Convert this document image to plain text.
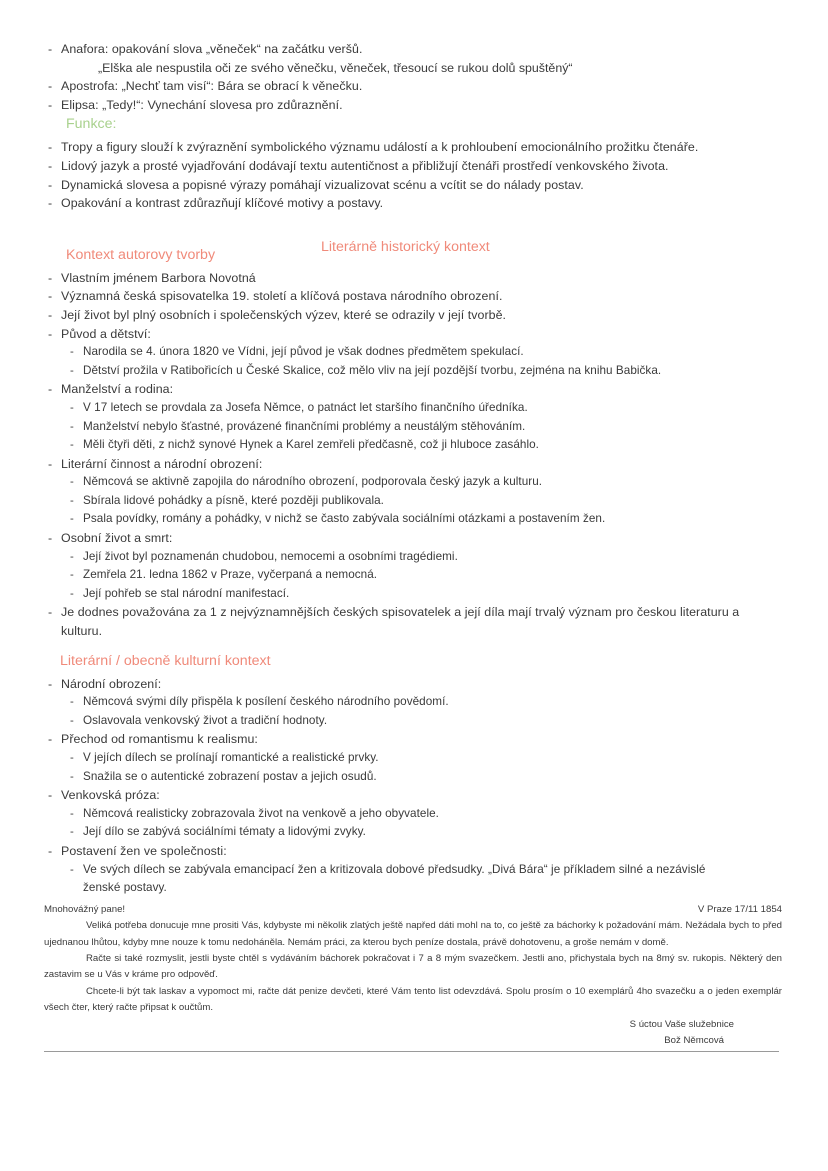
- Anafora: opakování slova „věneček“ na začátku veršů.
„Elška ale nespustila oči ze svého věnečku, věneček, třesoucí se rukou dolů spuštěný“
- Apostrofa: „Nechť tam visí“: Bára se obrací k věnečku.
- Elipsa: „Tedy!“: Vynechání slovesa pro zdůraznění.
Funkce:
- Tropy a figury slouží k zvýraznění symbolického významu událostí a k prohloubení emocionálního prožitku čtenáře.
- Lidový jazyk a prosté vyjadřování dodávají textu autentičnost a přibližují čtenáři prostředí venkovského života.
- Dynamická slovesa a popisné výrazy pomáhají vizualizovat scénu a vcítit se do nálady postav.
- Opakování a kontrast zdůrazňují klíčové motivy a postavy.
Kontext autorovy tvorby	Literárně historický kontext
- Vlastním jménem Barbora Novotná
- Významná česká spisovatelka 19. století a klíčová postava národního obrození.
- Její život byl plný osobních i společenských výzev, které se odrazily v její tvorbě.
- Původ a dětství:
- Narodila se 4. února 1820 ve Vídni, její původ je však dodnes předmětem spekulací.
- Dětství prožila v Ratibořicích u České Skalice, což mělo vliv na její pozdější tvorbu, zejména na knihu Babička.
- Manželství a rodina:
- V 17 letech se provdala za Josefa Němce, o patnáct let staršího finančního úředníka.
- Manželství nebylo šťastné, provázené finančními problémy a neustálým stěhováním.
- Měli čtyři děti, z nichž synové Hynek a Karel zemřeli předčasně, což ji hluboce zasáhlo.
- Literární činnost a národní obrození:
- Němcová se aktivně zapojila do národního obrození, podporovala český jazyk a kulturu.
- Sbírala lidové pohádky a písně, které později publikovala.
- Psala povídky, romány a pohádky, v nichž se často zabývala sociálními otázkami a postavením žen.
- Osobní život a smrt:
- Její život byl poznamenán chudobou, nemocemi a osobními tragédiemi.
- Zemřela 21. ledna 1862 v Praze, vyčerpaná a nemocná.
- Její pohřeb se stal národní manifestací.
- Je dodnes považována za 1 z nejvýznamnějších českých spisovatelek a její díla mají trvalý význam pro českou literaturu a kulturu.
Literární / obecně kulturní kontext
- Národní obrození:
- Němcová svými díly přispěla k posílení českého národního povědomí.
- Oslavovala venkovský život a tradiční hodnoty.
- Přechod od romantismu k realismu:
- V jejích dílech se prolínají romantické a realistické prvky.
- Snažila se o autentické zobrazení postav a jejich osudů.
- Venkovská próza:
- Němcová realisticky zobrazovala život na venkově a jeho obyvatele.
- Její dílo se zabývá sociálními tématy a lidovými zvyky.
- Postavení žen ve společnosti:
- Ve svých dílech se zabývala emancipací žen a kritizovala dobové předsudky. „Divá Bára“ je příkladem silné a nezávislé ženské postavy.
Mnohovážný pane!	V Praze 17/11 1854

Veliká potřeba donucuje mne prositi Vás, kdybyste mi několik zlatých ještě napřed dáti mohl na to, co ještě za báchorky k požadování mám. Nežádala bych to před ujednanou lhůtou, kdyby mne nouze k tomu nedoháněla. Nemám práci, za kterou bych peníze dostala, právě dohotovenu, a groše nemám v domě.

Račte si také rozmyslit, jestli byste chtěl s vydáváním báchorek pokračovat i 7 a 8 mým svazečkem. Jestli ano, přichystala bych na 8mý sv. rukopis. Některý den zastavim se u Vás v kráme pro odpověď.

Chcete-li být tak laskav a vypomoct mi, račte dát penize devčeti, které Vám tento list odevzdává. Spolu prosím o 10 exemplárů 4ho svazečku a o jeden exemplár všech čter, který račte připsat k oučtům.

S úctou Vaše služebnice

Bož Němcová
